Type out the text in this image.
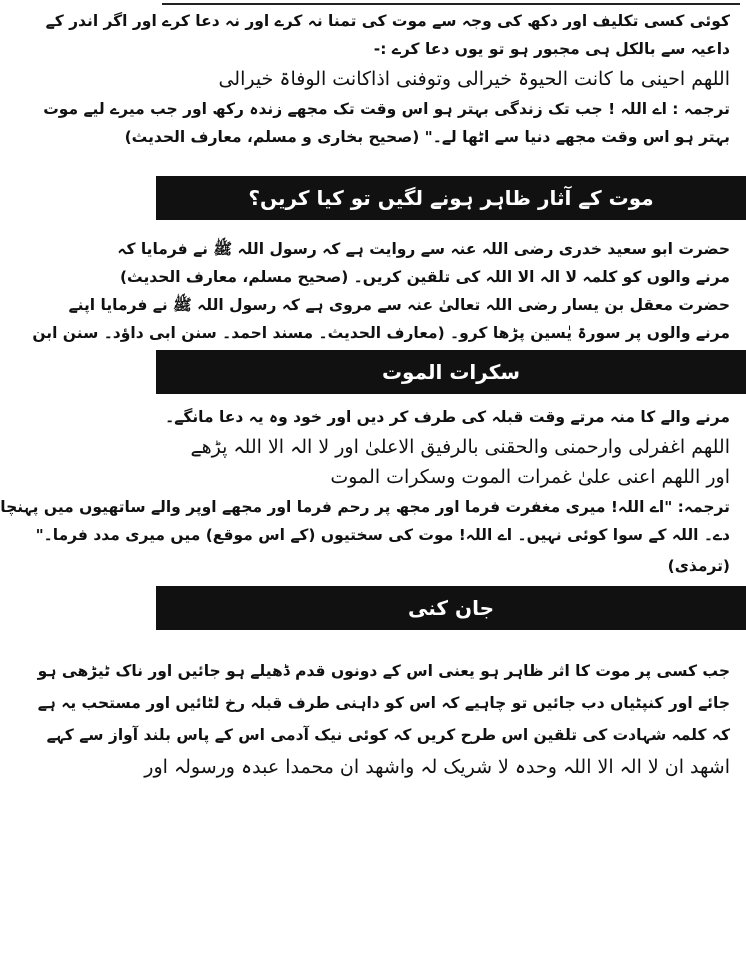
کوئی کسی تکلیف اور دکھ کی وجہ سے موت کی تمنا نہ کرے اور نہ دعا کرے اور اگر اندر کے
داعیہ سے بالکل ہی مجبور ہو تو یوں دعا کرے :-
اللھم احینی ما کانت الحیوۃ خیرالی وتوفنی اذاکانت الوفاۃ خیرالی
ترجمہ : اے اللہ ! جب تک زندگی بہتر ہو اس وقت تک مجھے زندہ رکھ اور جب میرے لیے موت
بہتر ہو اس وقت مجھے دنیا سے اٹھا لے۔" (صحیح بخاری و مسلم، معارف الحدیث)
موت کے آثار ظاہر ہونے لگیں تو کیا کریں؟
حضرت ابو سعید خدری رضی اللہ عنہ سے روایت ہے کہ رسول اللہ ﷺ نے فرمایا کہ
مرنے والوں کو کلمہ لا الہ الا اللہ کی تلقین کریں۔ (صحیح مسلم، معارف الحدیث)
حضرت معقل بن یسار رضی اللہ تعالیٰ عنہ سے مروی ہے کہ رسول اللہ ﷺ نے فرمایا اپنے
مرنے والوں پر سورۃ یٰسین پڑھا کرو۔ (معارف الحدیث۔ مسند احمد۔ سنن ابی داؤد۔ سنن ابن
سکرات الموت
مرنے والے کا منہ مرتے وقت قبلہ کی طرف کر دیں اور خود وہ یہ دعا مانگے۔
اللھم اغفرلی وارحمنی والحقنی بالرفیق الاعلیٰ اور لا الہ الا اللہ پڑھے
اور اللھم اعنی علیٰ غمرات الموت وسکرات الموت
ترجمہ: "اے اللہ! میری مغفرت فرما اور مجھ پر رحم فرما اور مجھے اوپر والے ساتھیوں میں پہنچا
دے۔ اللہ کے سوا کوئی نہیں۔ اے اللہ! موت کی سختیوں (کے اس موقع) میں میری مدد فرما۔"
(ترمذی)
جان کنی
جب کسی پر موت کا اثر ظاہر ہو یعنی اس کے دونوں قدم ڈھیلے ہو جائیں اور ناک ٹیڑھی ہو
جائے اور کنپٹیاں دب جائیں تو چاہیے کہ اس کو داہنی طرف قبلہ رخ لٹائیں اور مستحب یہ ہے
کہ کلمہ شہادت کی تلقین اس طرح کریں کہ کوئی نیک آدمی اس کے پاس بلند آواز سے کہے
اشھد ان لا الہ الا اللہ وحدہ لا شریک لہ واشھد ان محمدا عبدہ ورسولہ اور
